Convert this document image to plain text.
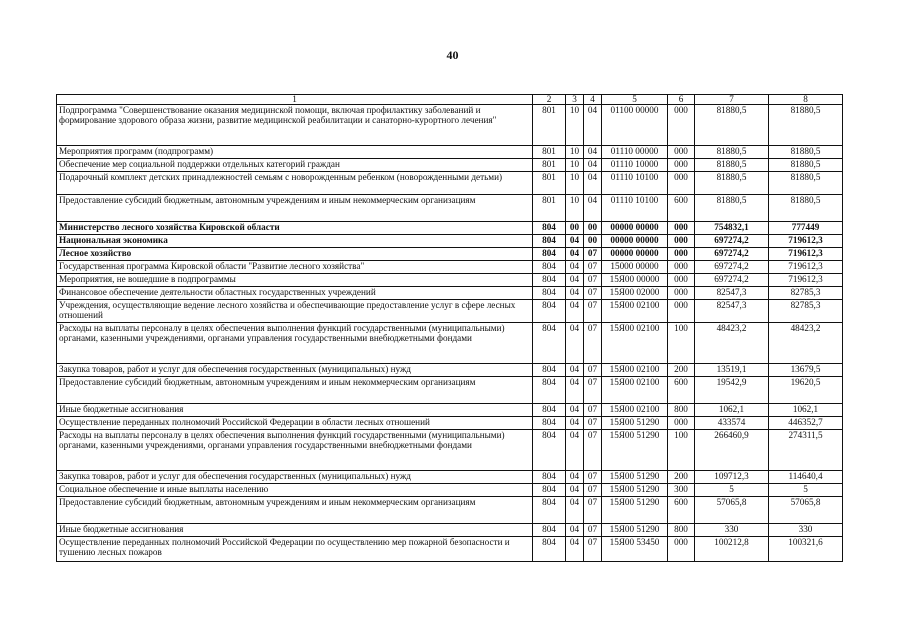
40
1	2	3	4	5	6	7	8
Подпрограмма "Совершенствование оказания медицинской помощи, включая профилактику заболеваний и формирование здорового образа жизни, развитие медицинской реабилитации и санаторно-курортного лечения"	801	10	04	01100 00000	000	81880,5	81880,5
Мероприятия программ (подпрограмм)	801	10	04	01110 00000	000	81880,5	81880,5
Обеспечение мер социальной поддержки отдельных категорий граждан	801	10	04	01110 10000	000	81880,5	81880,5
Подарочный комплект детских принадлежностей семьям с новорожденным ребенком (новорожденными детьми)	801	10	04	01110 10100	000	81880,5	81880,5
Предоставление субсидий бюджетным, автономным учреждениям и иным некоммерческим организациям	801	10	04	01110 10100	600	81880,5	81880,5
Министерство лесного хозяйства Кировской области	804	00	00	00000 00000	000	754832,1	777449
Национальная экономика	804	04	00	00000 00000	000	697274,2	719612,3
Лесное хозяйство	804	04	07	00000 00000	000	697274,2	719612,3
Государственная программа Кировской области "Развитие лесного хозяйства"	804	04	07	15000 00000	000	697274,2	719612,3
Мероприятия, не вошедшие в подпрограммы	804	04	07	15Я00 00000	000	697274,2	719612,3
Финансовое обеспечение деятельности областных государственных учреждений	804	04	07	15Я00 02000	000	82547,3	82785,3
Учреждения, осуществляющие ведение лесного хозяйства и обеспечивающие предоставление услуг в сфере лесных отношений	804	04	07	15Я00 02100	000	82547,3	82785,3
Расходы на выплаты персоналу в целях обеспечения выполнения функций государственными (муниципальными) органами, казенными учреждениями, органами управления государственными внебюджетными фондами	804	04	07	15Я00 02100	100	48423,2	48423,2
Закупка товаров, работ и услуг для обеспечения государственных (муниципальных) нужд	804	04	07	15Я00 02100	200	13519,1	13679,5
Предоставление субсидий бюджетным, автономным учреждениям и иным некоммерческим организациям	804	04	07	15Я00 02100	600	19542,9	19620,5
Иные бюджетные ассигнования	804	04	07	15Я00 02100	800	1062,1	1062,1
Осуществление переданных полномочий Российской Федерации в области лесных отношений	804	04	07	15Я00 51290	000	433574	446352,7
Расходы на выплаты персоналу в целях обеспечения выполнения функций государственными (муниципальными) органами, казенными учреждениями, органами управления государственными внебюджетными фондами	804	04	07	15Я00 51290	100	266460,9	274311,5
Закупка товаров, работ и услуг для обеспечения государственных (муниципальных) нужд	804	04	07	15Я00 51290	200	109712,3	114640,4
Социальное обеспечение и иные выплаты населению	804	04	07	15Я00 51290	300	5	5
Предоставление субсидий бюджетным, автономным учреждениям и иным некоммерческим организациям	804	04	07	15Я00 51290	600	57065,8	57065,8
Иные бюджетные ассигнования	804	04	07	15Я00 51290	800	330	330
Осуществление переданных полномочий Российской Федерации по осуществлению мер пожарной безопасности и тушению лесных пожаров	804	04	07	15Я00 53450	000	100212,8	100321,6
